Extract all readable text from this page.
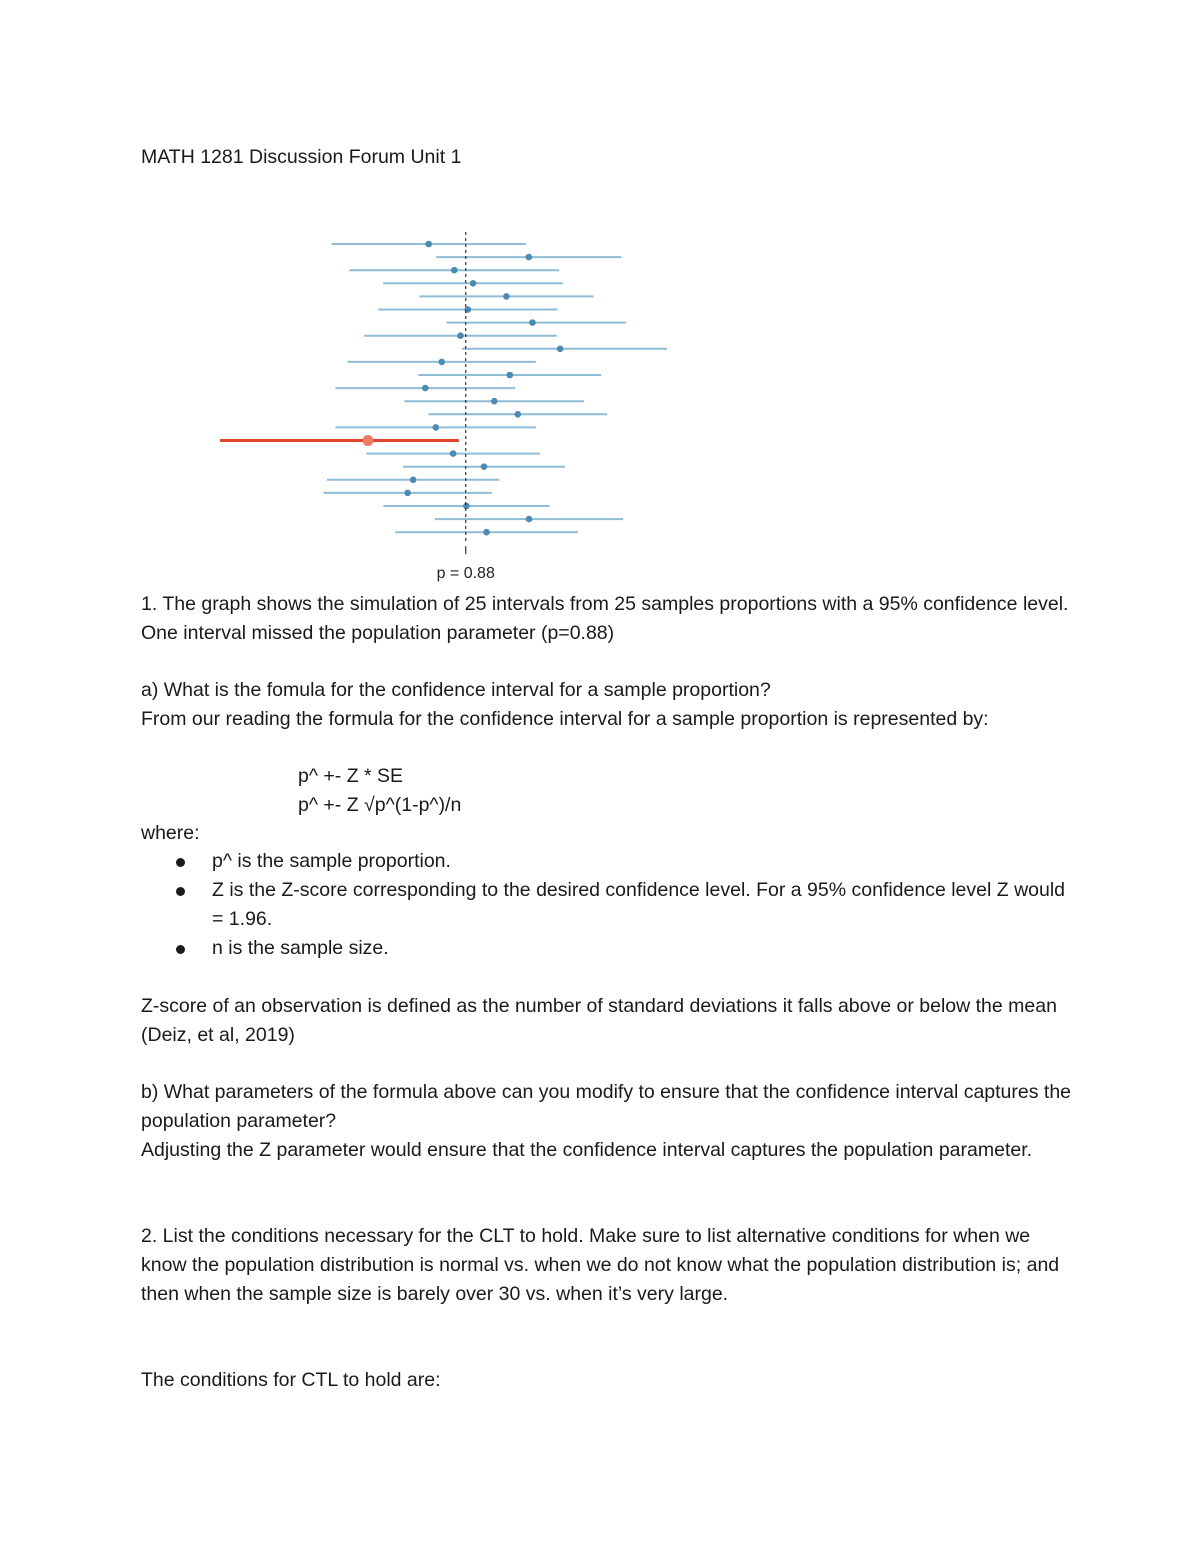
MATH 1281 Discussion Forum Unit 1
p = 0.88
1. The graph shows the simulation of 25 intervals from 25 samples proportions with a 95% confidence level. One interval missed the population parameter (p=0.88)
a) What is the fomula for the confidence interval for a sample proportion?
From our reading the formula for the confidence interval for a sample proportion is represented by:
p^ +- Z * SE
p^ +- Z √p^(1-p^)/n
where:
p^ is the sample proportion.
Z is the Z-score corresponding to the desired confidence level. For a 95% confidence level Z would = 1.96.
n is the sample size.
Z-score of an observation is defined as the number of standard deviations it falls above or below the mean (Deiz, et al, 2019)
b) What parameters of the formula above can you modify to ensure that the confidence interval captures the population parameter?
Adjusting the Z parameter would ensure that the confidence interval captures the population parameter.
2. List the conditions necessary for the CLT to hold. Make sure to list alternative conditions for when we know the population distribution is normal vs. when we do not know what the population distribution is; and then when the sample size is barely over 30 vs. when it’s very large.
The conditions for CTL to hold are:
